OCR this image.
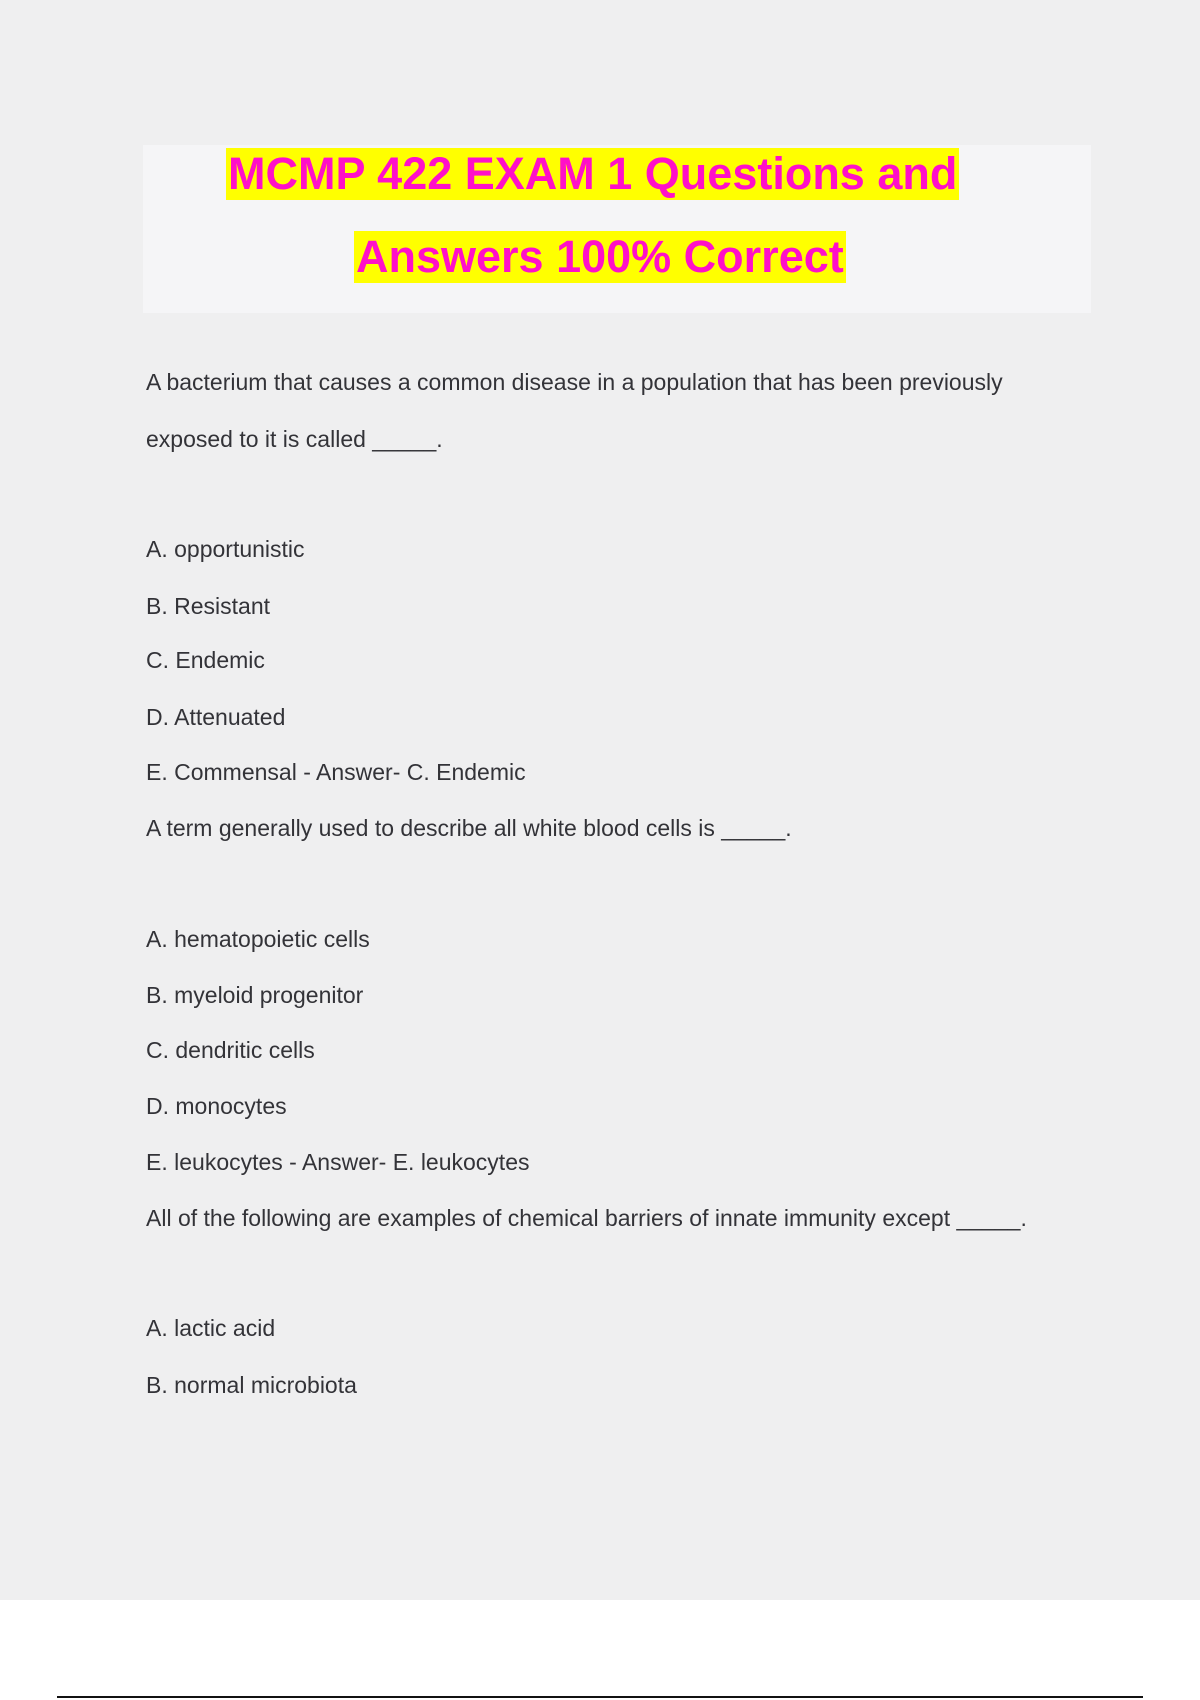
MCMP 422 EXAM 1 Questions and
Answers 100% Correct
A bacterium that causes a common disease in a population that has been previously
exposed to it is called _____.
A. opportunistic
B. Resistant
C. Endemic
D. Attenuated
E. Commensal - Answer- C. Endemic
A term generally used to describe all white blood cells is _____.
A. hematopoietic cells
B. myeloid progenitor
C. dendritic cells
D. monocytes
E. leukocytes - Answer- E. leukocytes
All of the following are examples of chemical barriers of innate immunity except _____.
A. lactic acid
B. normal microbiota
